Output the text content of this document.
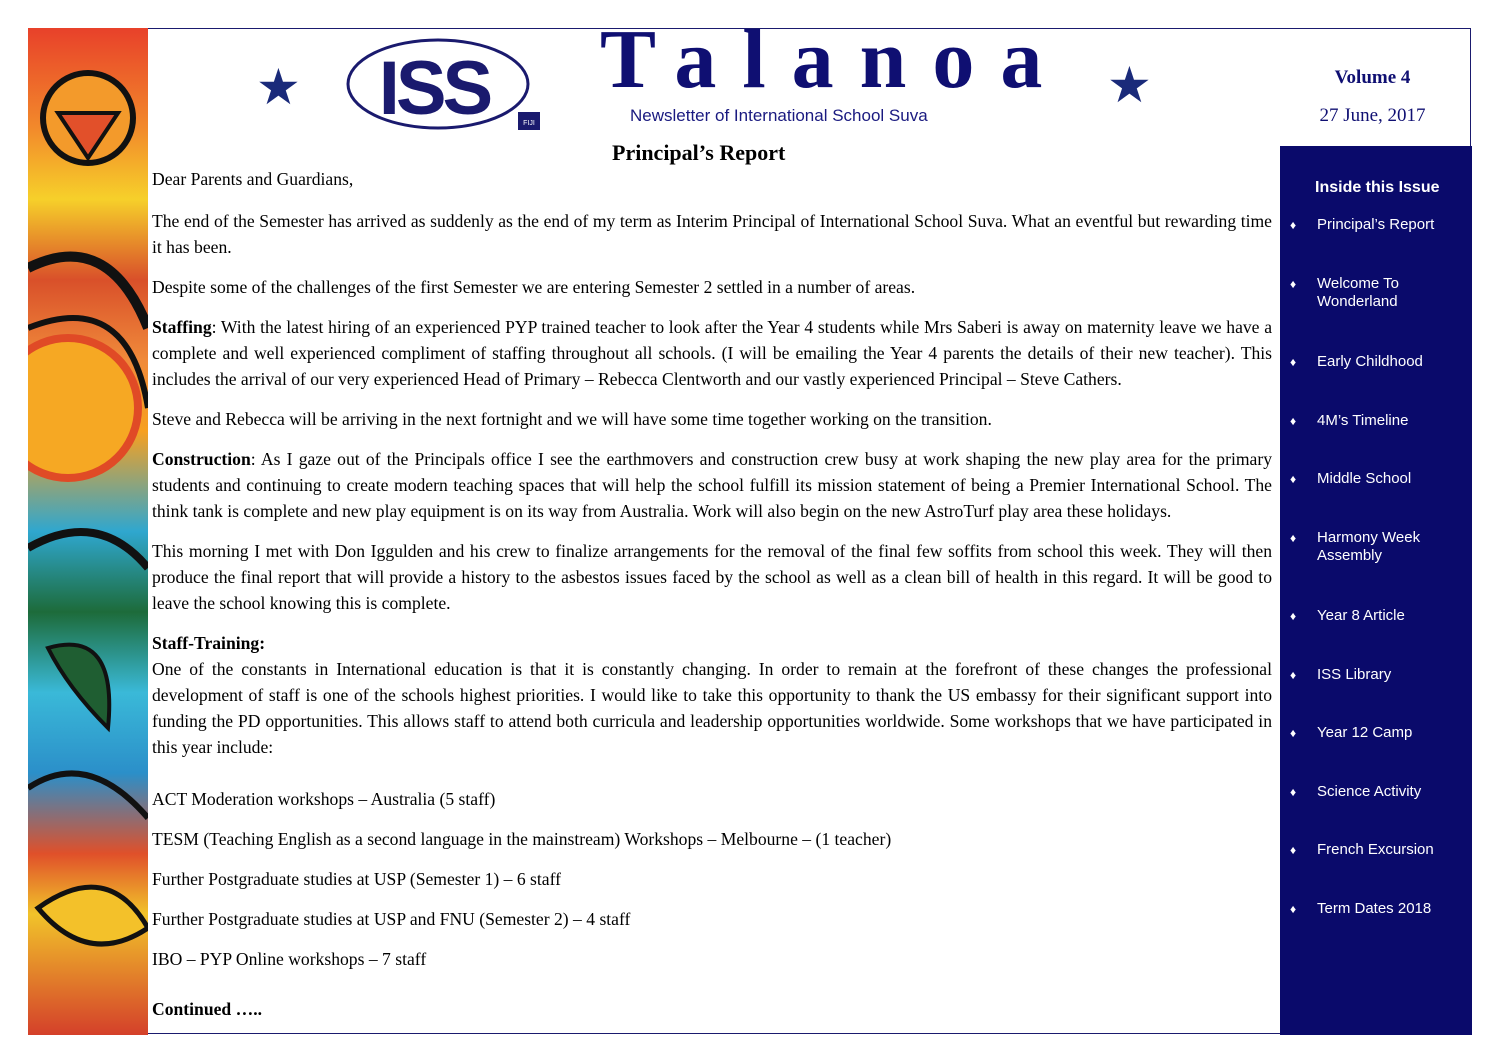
★	★
ISS	FIJI
Talanoa
Newsletter of International School Suva
Volume 4
27 June, 2017
Principal’s Report
Inside this Issue
♦	Principal’s Report
♦	Welcome To Wonderland
♦	Early Childhood
♦	4M’s Timeline
♦	Middle School
♦	Harmony Week Assembly
♦	Year 8 Article
♦	ISS Library
♦	Year 12 Camp
♦	Science Activity
♦	French Excursion
♦	Term Dates 2018

Dear Parents and Guardians,

The end of the Semester has arrived as suddenly as the end of my term as Interim Principal of International School Suva. What an eventful but rewarding time it has been.

Despite some of the challenges of the first Semester we are entering Semester 2 settled in a number of areas.

Staffing: With the latest hiring of an experienced PYP trained teacher to look after the Year 4 students while Mrs Saberi is away on maternity leave we have a complete and well experienced compliment of staffing throughout all schools. (I will be emailing the Year 4 parents the details of their new teacher). This includes the arrival of our very experienced Head of Primary – Rebecca Clentworth and our vastly experienced Principal – Steve Cathers.

Steve and Rebecca will be arriving in the next fortnight and we will have some time together working on the transition.

Construction: As I gaze out of the Principals office I see the earthmovers and construction crew busy at work shaping the new play area for the primary students and continuing to create modern teaching spaces that will help the school fulfill its mission statement of being a Premier International School. The think tank is complete and new play equipment is on its way from Australia. Work will also begin on the new AstroTurf play area these holidays.

This morning I met with Don Iggulden and his crew to finalize arrangements for the removal of the final few soffits from school this week. They will then produce the final report that will provide a history to the asbestos issues faced by the school as well as a clean bill of health in this regard. It will be good to leave the school knowing this is complete.

Staff-Training:

One of the constants in International education is that it is constantly changing. In order to remain at the forefront of these changes the professional development of staff is one of the schools highest priorities. I would like to take this opportunity to thank the US embassy for their significant support into funding the PD opportunities. This allows staff to attend both curricula and leadership opportunities worldwide. Some workshops that we have participated in this year include:

ACT Moderation workshops – Australia (5 staff)

TESM (Teaching English as a second language in the mainstream) Workshops – Melbourne – (1 teacher)

Further Postgraduate studies at USP (Semester 1) – 6 staff

Further Postgraduate studies at USP and FNU (Semester 2) – 4 staff

IBO – PYP Online workshops – 7 staff

Continued …..
